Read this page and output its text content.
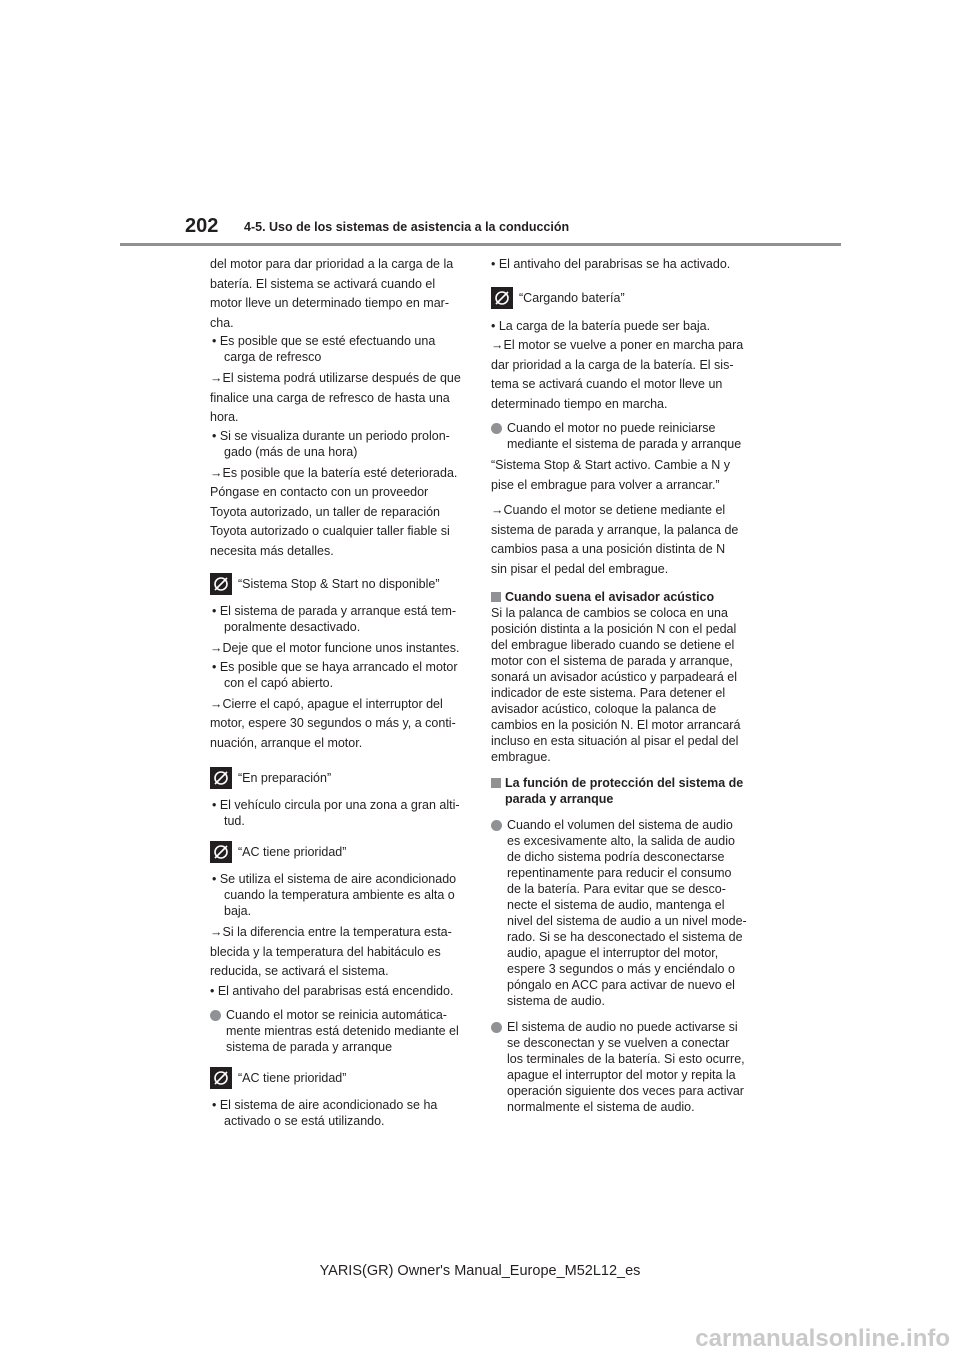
202 4-5. Uso de los sistemas de asistencia a la conducción
del motor para dar prioridad a la carga de la
batería. El sistema se activará cuando el
motor lleve un determinado tiempo en mar-
cha.
• Es posible que se esté efectuando una
carga de refresco
→El sistema podrá utilizarse después de que
finalice una carga de refresco de hasta una
hora.
• Si se visualiza durante un periodo prolon-
gado (más de una hora)
→Es posible que la batería esté deteriorada.
Póngase en contacto con un proveedor
Toyota autorizado, un taller de reparación
Toyota autorizado o cualquier taller fiable si
necesita más detalles.
“Sistema Stop & Start no disponible”
• El sistema de parada y arranque está tem-
poralmente desactivado.
→Deje que el motor funcione unos instantes.
• Es posible que se haya arrancado el motor
con el capó abierto.
→Cierre el capó, apague el interruptor del
motor, espere 30 segundos o más y, a conti-
nuación, arranque el motor.
“En preparación”
• El vehículo circula por una zona a gran alti-
tud.
“AC tiene prioridad”
• Se utiliza el sistema de aire acondicionado
cuando la temperatura ambiente es alta o
baja.
→Si la diferencia entre la temperatura esta-
blecida y la temperatura del habitáculo es
reducida, se activará el sistema.
• El antivaho del parabrisas está encendido.
Cuando el motor se reinicia automática-
mente mientras está detenido mediante el
sistema de parada y arranque
“AC tiene prioridad”
• El sistema de aire acondicionado se ha
activado o se está utilizando.
• El antivaho del parabrisas se ha activado.
“Cargando batería”
• La carga de la batería puede ser baja.
→El motor se vuelve a poner en marcha para
dar prioridad a la carga de la batería. El sis-
tema se activará cuando el motor lleve un
determinado tiempo en marcha.
Cuando el motor no puede reiniciarse
mediante el sistema de parada y arranque
“Sistema Stop & Start activo. Cambie a N y
pise el embrague para volver a arrancar.”
→Cuando el motor se detiene mediante el
sistema de parada y arranque, la palanca de
cambios pasa a una posición distinta de N
sin pisar el pedal del embrague.
Cuando suena el avisador acústico
Si la palanca de cambios se coloca en una
posición distinta a la posición N con el pedal
del embrague liberado cuando se detiene el
motor con el sistema de parada y arranque,
sonará un avisador acústico y parpadeará el
indicador de este sistema. Para detener el
avisador acústico, coloque la palanca de
cambios en la posición N. El motor arrancará
incluso en esta situación al pisar el pedal del
embrague.
La función de protección del sistema de
parada y arranque
Cuando el volumen del sistema de audio
es excesivamente alto, la salida de audio
de dicho sistema podría desconectarse
repentinamente para reducir el consumo
de la batería. Para evitar que se desco-
necte el sistema de audio, mantenga el
nivel del sistema de audio a un nivel mode-
rado. Si se ha desconectado el sistema de
audio, apague el interruptor del motor,
espere 3 segundos o más y enciéndalo o
póngalo en ACC para activar de nuevo el
sistema de audio.
El sistema de audio no puede activarse si
se desconectan y se vuelven a conectar
los terminales de la batería. Si esto ocurre,
apague el interruptor del motor y repita la
operación siguiente dos veces para activar
normalmente el sistema de audio.
YARIS(GR) Owner's Manual_Europe_M52L12_es
carmanualsonline.info
